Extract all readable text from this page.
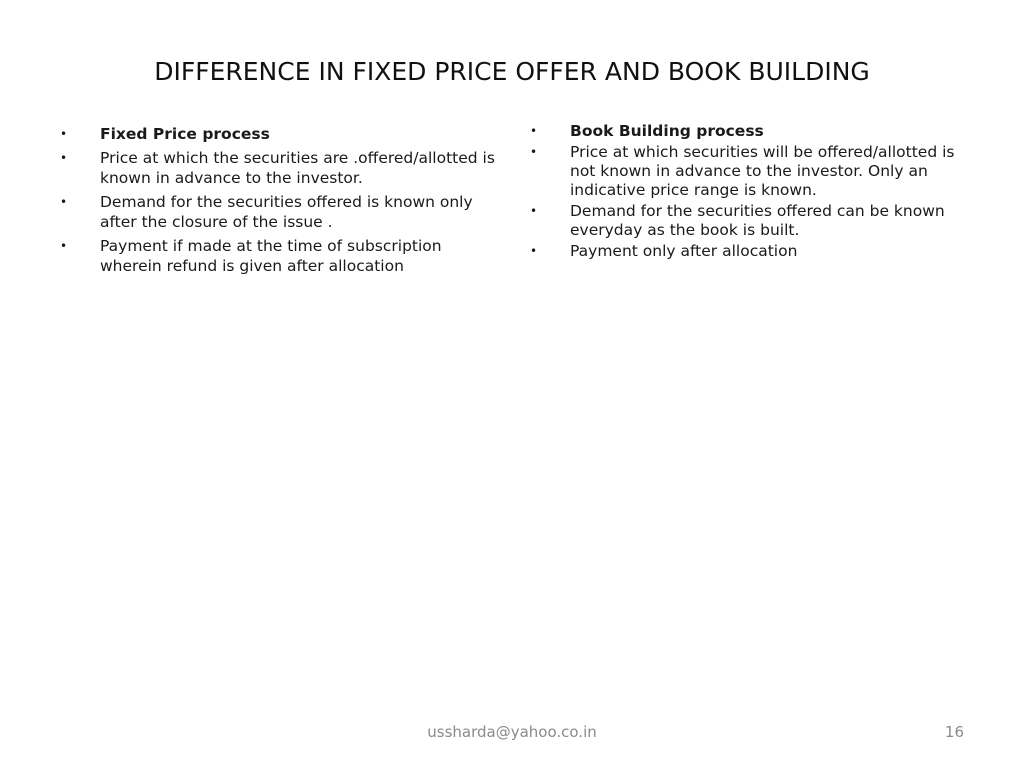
DIFFERENCE IN FIXED PRICE OFFER AND BOOK BUILDING
•	Fixed Price process
•	Price at which the securities are .offered/allotted is known in advance to the investor.
•	Demand for the securities offered is known only after the closure of the issue .
•	Payment if made at the time of subscription wherein refund is given after allocation
•	Book Building process
•	Price at which securities will be offered/allotted is not known in advance to the investor. Only an indicative price range is known.
•	Demand for the securities offered can be known everyday as the book is built.
•	Payment only after allocation
ussharda@yahoo.co.in	16
